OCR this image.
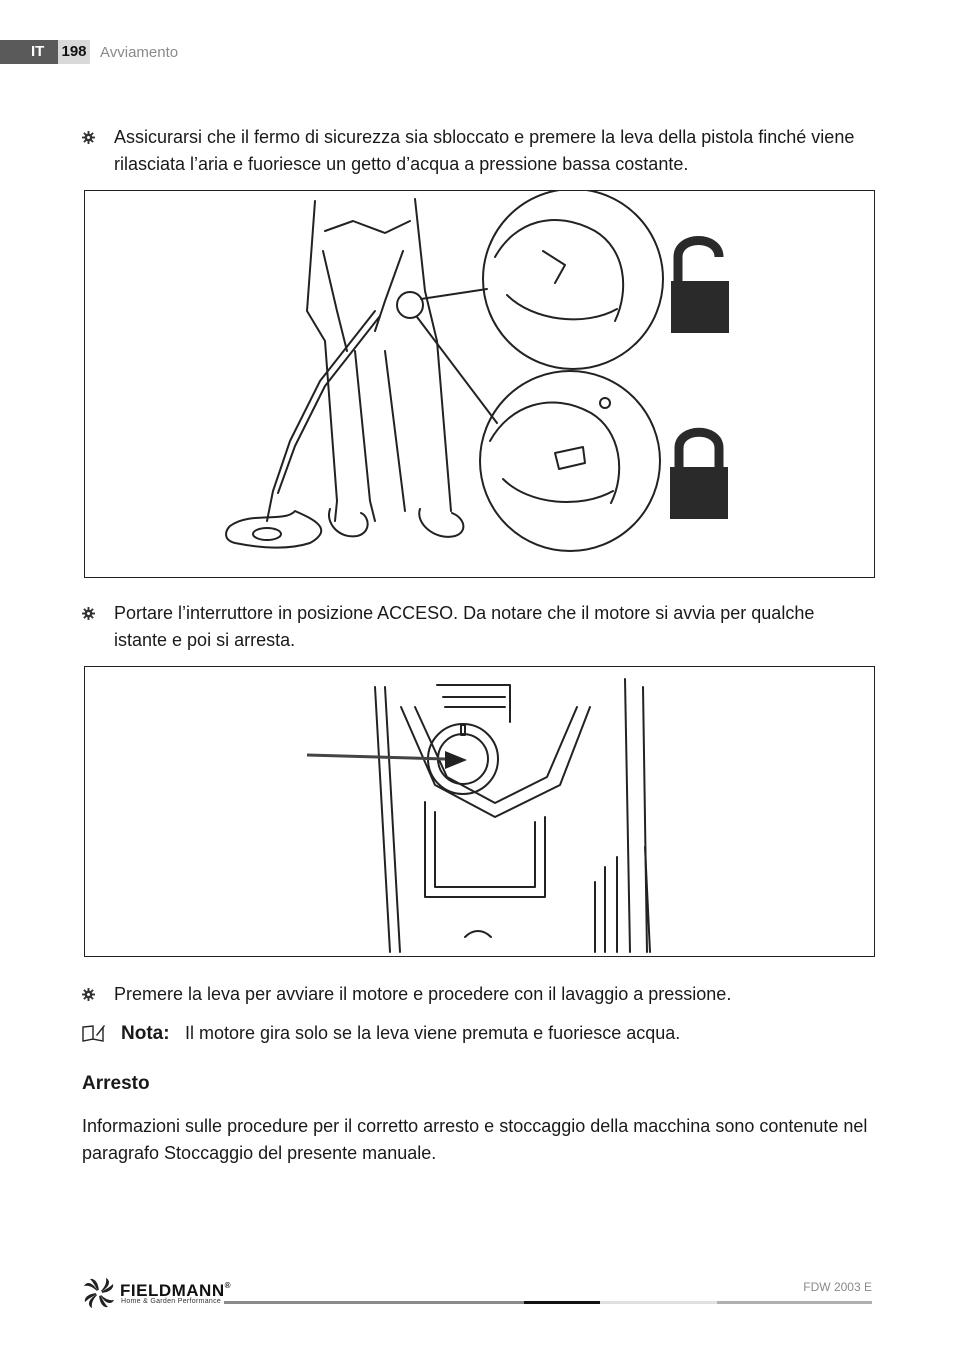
IT 198 Avviamento
Assicurarsi che il fermo di sicurezza sia sbloccato e premere la leva della pistola finché viene rilasciata l’aria e fuoriesce un getto d’acqua a pressione bassa costante.
Portare l’interruttore in posizione ACCESO. Da notare che il motore si avvia per qualche istante e poi si arresta.
Premere la leva per avviare il motore e procedere con il lavaggio a pressione.
Nota: Il motore gira solo se la leva viene premuta e fuoriesce acqua.
Arresto
Informazioni sulle procedure per il corretto arresto e stoccaggio della macchina sono contenute nel paragrafo Stoccaggio del presente manuale.
FIELDMANN®
Home & Garden Performance
FDW 2003 E
